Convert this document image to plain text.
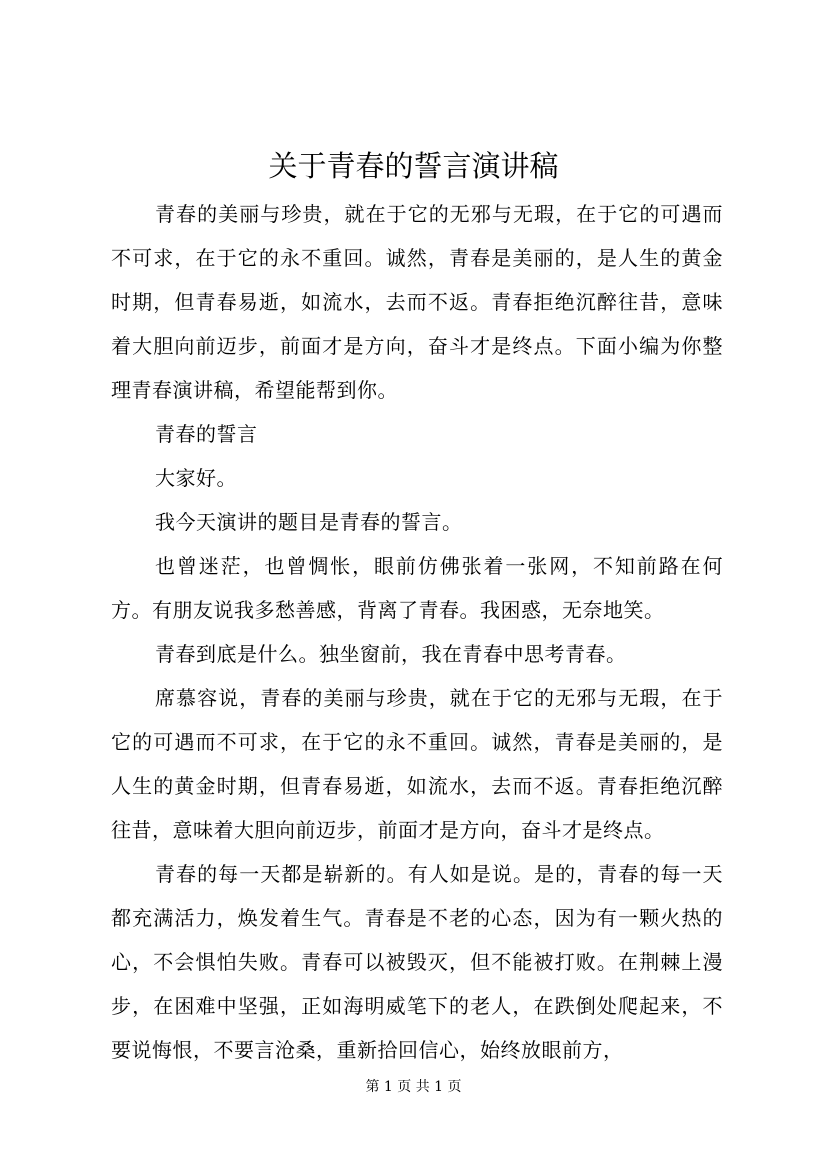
关于青春的誓言演讲稿

青春的美丽与珍贵，就在于它的无邪与无瑕，在于它的可遇而不可求，在于它的永不重回。诚然，青春是美丽的，是人生的黄金时期，但青春易逝，如流水，去而不返。青春拒绝沉醉往昔，意味着大胆向前迈步，前面才是方向，奋斗才是终点。下面小编为你整理青春演讲稿，希望能帮到你。

青春的誓言

大家好。

我今天演讲的题目是青春的誓言。

也曾迷茫，也曾惆怅，眼前仿佛张着一张网，不知前路在何方。有朋友说我多愁善感，背离了青春。我困惑，无奈地笑。

青春到底是什么。独坐窗前，我在青春中思考青春。

席慕容说，青春的美丽与珍贵，就在于它的无邪与无瑕，在于它的可遇而不可求，在于它的永不重回。诚然，青春是美丽的，是人生的黄金时期，但青春易逝，如流水，去而不返。青春拒绝沉醉往昔，意味着大胆向前迈步，前面才是方向，奋斗才是终点。

青春的每一天都是崭新的。有人如是说。是的，青春的每一天都充满活力，焕发着生气。青春是不老的心态，因为有一颗火热的心，不会惧怕失败。青春可以被毁灭，但不能被打败。在荆棘上漫步，在困难中坚强，正如海明威笔下的老人，在跌倒处爬起来，不要说悔恨，不要言沧桑，重新拾回信心，始终放眼前方，

第 1 页 共 1 页
